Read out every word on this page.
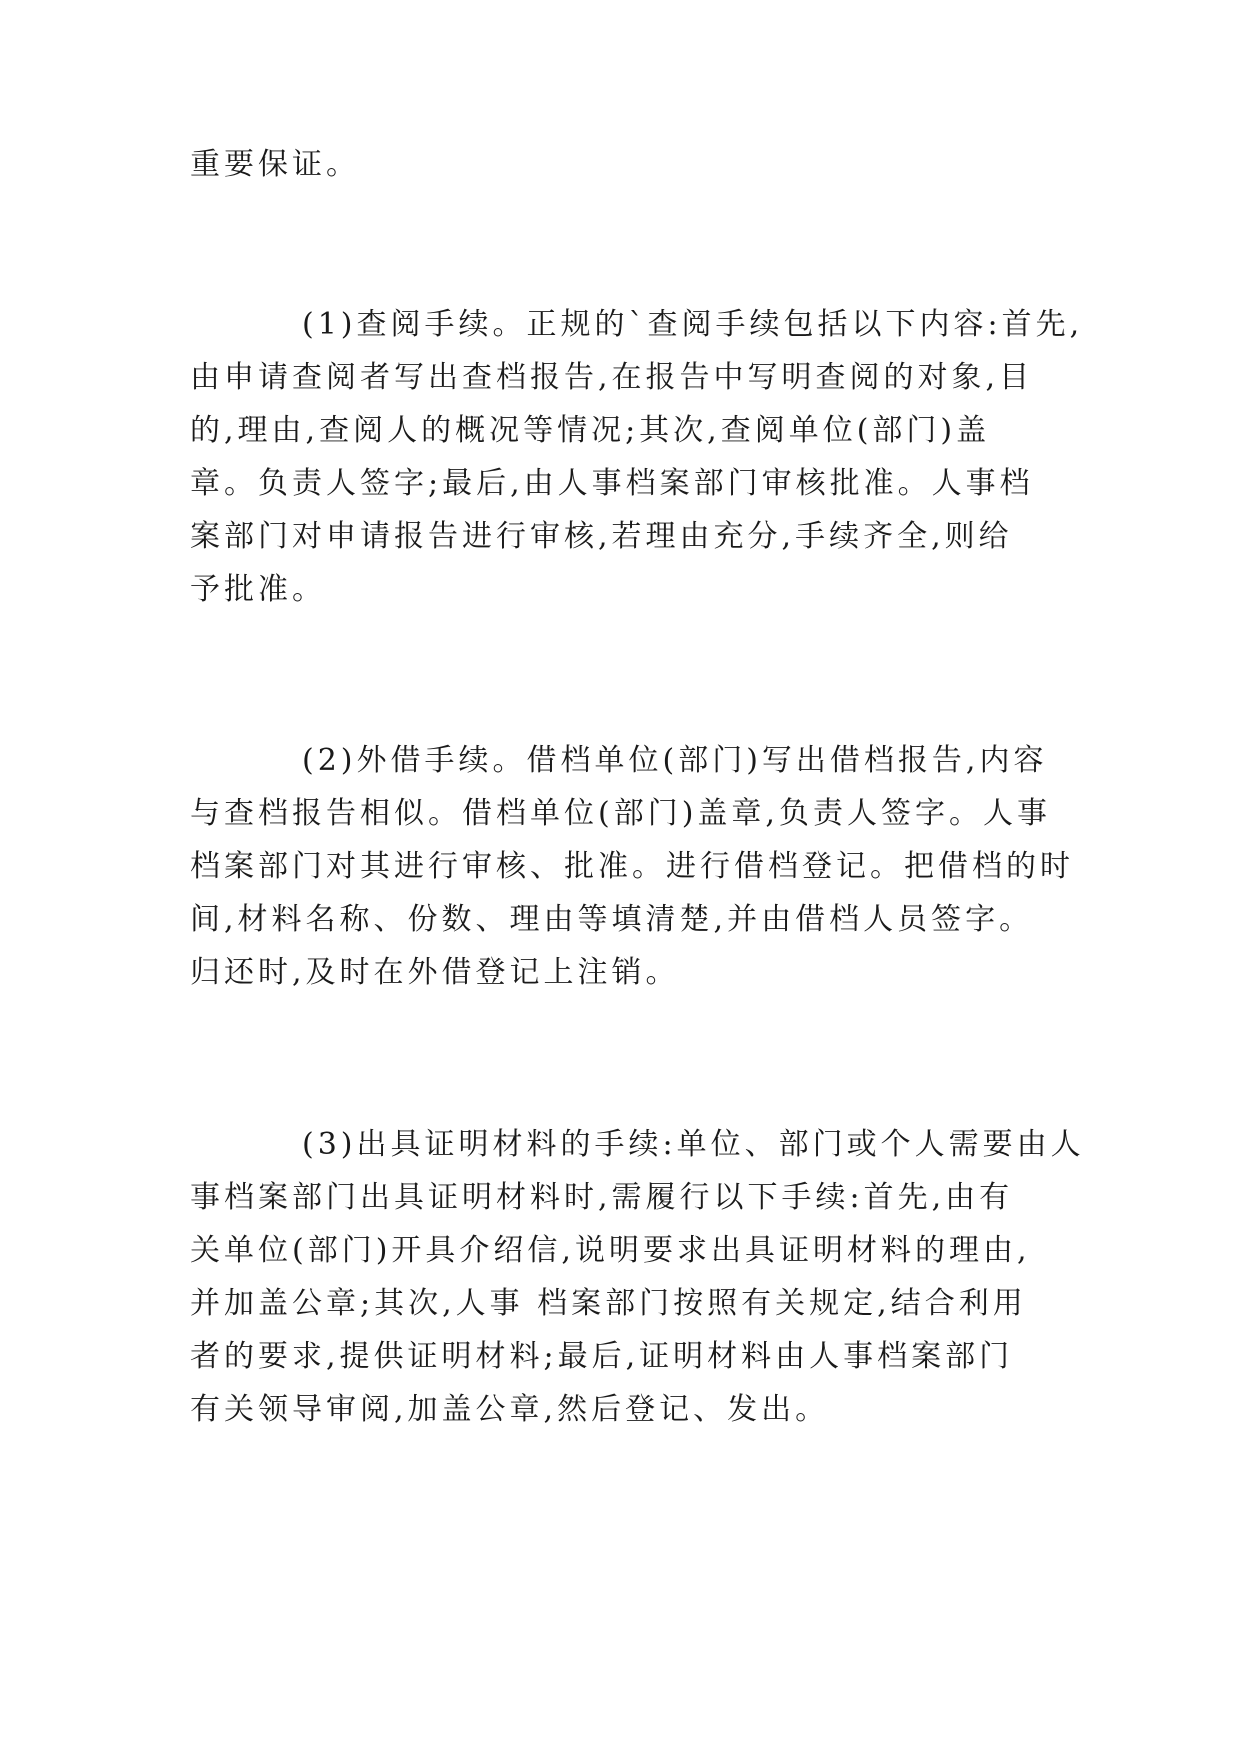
重要保证。

(1)查阅手续。正规的`查阅手续包括以下内容:首先,

由申请查阅者写出查档报告,在报告中写明查阅的对象,目

的,理由,查阅人的概况等情况;其次,查阅单位(部门)盖

章。负责人签字;最后,由人事档案部门审核批准。人事档

案部门对申请报告进行审核,若理由充分,手续齐全,则给

予批准。

(2)外借手续。借档单位(部门)写出借档报告,内容

与查档报告相似。借档单位(部门)盖章,负责人签字。人事

档案部门对其进行审核、批准。进行借档登记。把借档的时

间,材料名称、份数、理由等填清楚,并由借档人员签字。

归还时,及时在外借登记上注销。

(3)出具证明材料的手续:单位、部门或个人需要由人

事档案部门出具证明材料时,需履行以下手续:首先,由有

关单位(部门)开具介绍信,说明要求出具证明材料的理由,

并加盖公章;其次,人事 档案部门按照有关规定,结合利用

者的要求,提供证明材料;最后,证明材料由人事档案部门

有关领导审阅,加盖公章,然后登记、发出。
